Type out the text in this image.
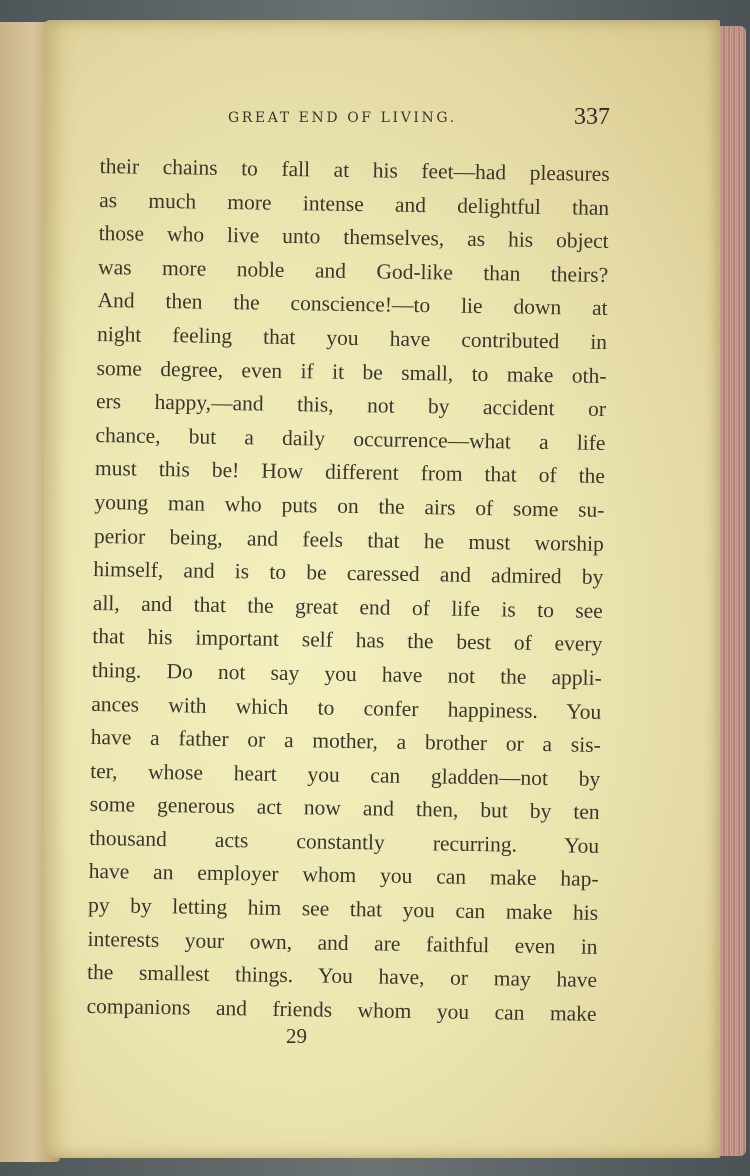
GREAT END OF LIVING.	337
their chains to fall at his feet—had pleasures
as much more intense and delightful than
those who live unto themselves, as his object
was more noble and God-like than theirs?
And then the conscience!—to lie down at
night feeling that you have contributed in
some degree, even if it be small, to make oth-
ers happy,—and this, not by accident or
chance, but a daily occurrence—what a life
must this be! How different from that of the
young man who puts on the airs of some su-
perior being, and feels that he must worship
himself, and is to be caressed and admired by
all, and that the great end of life is to see
that his important self has the best of every
thing. Do not say you have not the appli-
ances with which to confer happiness. You
have a father or a mother, a brother or a sis-
ter, whose heart you can gladden—not by
some generous act now and then, but by ten
thousand acts constantly recurring. You
have an employer whom you can make hap-
py by letting him see that you can make his
interests your own, and are faithful even in
the smallest things. You have, or may have
companions and friends whom you can make
29
